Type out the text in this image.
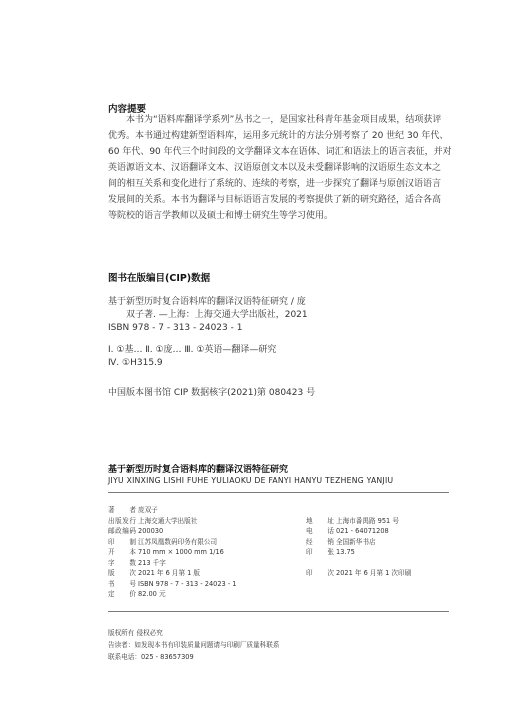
内容提要

本书为“语料库翻译学系列”丛书之一，是国家社科青年基金项目成果，结项获评

优秀。本书通过构建新型语料库，运用多元统计的方法分别考察了 20 世纪 30 年代、

60 年代、90 年代三个时间段的文学翻译文本在语体、词汇和语法上的语言表征，并对

英语源语文本、汉语翻译文本、汉语原创文本以及未受翻译影响的汉语原生态文本之

间的相互关系和变化进行了系统的、连续的考察，进一步探究了翻译与原创汉语语言

发展间的关系。本书为翻译与目标语语言发展的考察提供了新的研究路径，适合各高

等院校的语言学教师以及硕士和博士研究生等学习使用。

图书在版编目(CIP)数据
基于新型历时复合语料库的翻译汉语特征研究 / 庞
双子著. —上海：上海交通大学出版社，2021
ISBN 978 - 7 - 313 - 24023 - 1
Ⅰ. ①基… Ⅱ. ①庞… Ⅲ. ①英语—翻译—研究
Ⅳ. ①H315.9
中国版本图书馆 CIP 数据核字(2021)第 080423 号
基于新型历时复合语料库的翻译汉语特征研究
JIYU XINXING LISHI FUHE YULIAOKU DE FANYI HANYU TEZHENG YANJIU
著 者 庞双子
出版发行 上海交通大学出版社	地 址 上海市番禺路 951 号
邮政编码 200030	电 话 021 - 64071208
印 制 江苏凤凰数码印务有限公司	经 销 全国新华书店
开 本 710 mm × 1000 mm 1/16	印 张 13.75
字 数 213 千字
版 次 2021 年 6 月第 1 版	印 次 2021 年 6 月第 1 次印刷
书 号 ISBN 978 - 7 - 313 - 24023 - 1
定 价 82.00 元
版权所有 侵权必究
告读者：如发现本书有印装质量问题请与印刷厂质量科联系
联系电话：025 - 83657309
